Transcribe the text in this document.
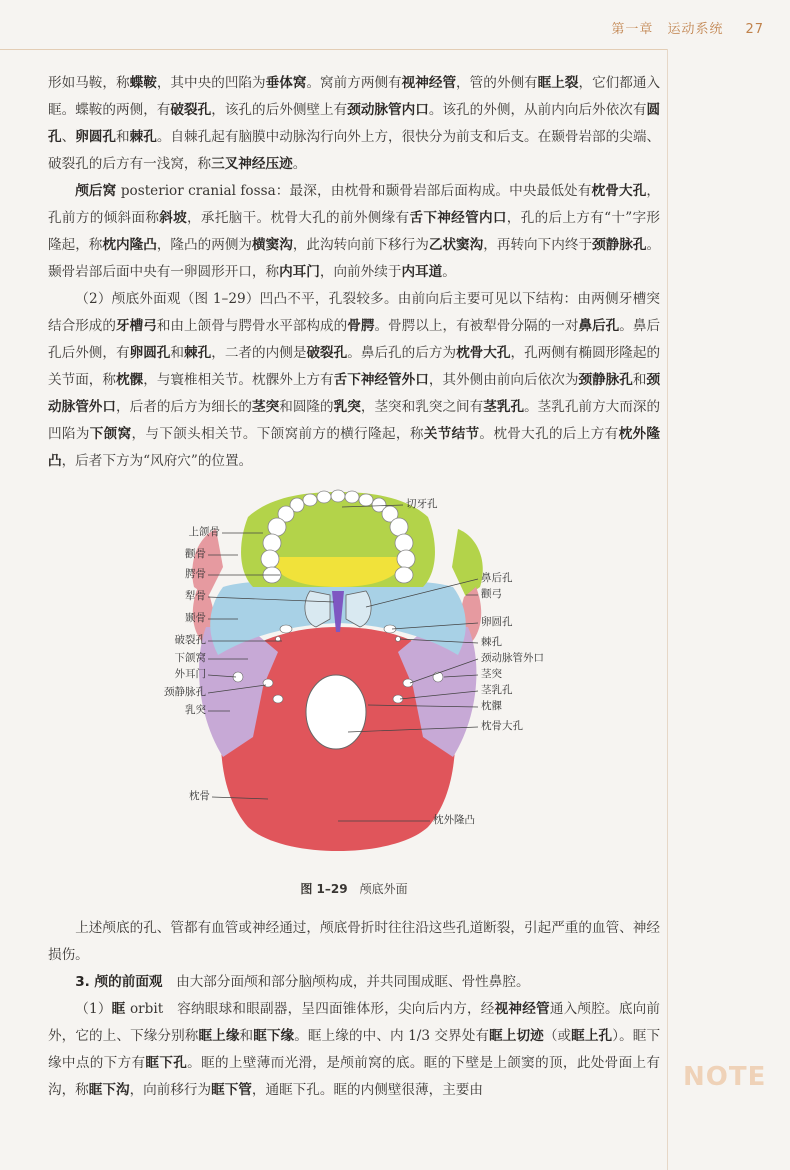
第一章 运动系统 27

形如马鞍，称蝶鞍，其中央的凹陷为垂体窝。窝前方两侧有视神经管，管的外侧有眶上裂，它们都通入眶。蝶鞍的两侧，有破裂孔，该孔的后外侧壁上有颈动脉管内口。该孔的外侧，从前内向后外依次有圆孔、卵圆孔和棘孔。自棘孔起有脑膜中动脉沟行向外上方，很快分为前支和后支。在颞骨岩部的尖端、破裂孔的后方有一浅窝，称三叉神经压迹。

颅后窝 posterior cranial fossa：最深，由枕骨和颞骨岩部后面构成。中央最低处有枕骨大孔，孔前方的倾斜面称斜坡，承托脑干。枕骨大孔的前外侧缘有舌下神经管内口，孔的后上方有“十”字形隆起，称枕内隆凸，隆凸的两侧为横窦沟，此沟转向前下移行为乙状窦沟，再转向下内终于颈静脉孔。颞骨岩部后面中央有一卵圆形开口，称内耳门，向前外续于内耳道。

（2）颅底外面观（图 1–29）凹凸不平，孔裂较多。由前向后主要可见以下结构：由两侧牙槽突结合形成的牙槽弓和由上颌骨与腭骨水平部构成的骨腭。骨腭以上，有被犁骨分隔的一对鼻后孔。鼻后孔后外侧，有卵圆孔和棘孔，二者的内侧是破裂孔。鼻后孔的后方为枕骨大孔，孔两侧有椭圆形隆起的关节面，称枕髁，与寰椎相关节。枕髁外上方有舌下神经管外口，其外侧由前向后依次为颈静脉孔和颈动脉管外口，后者的后方为细长的茎突和圆隆的乳突，茎突和乳突之间有茎乳孔。茎乳孔前方大而深的凹陷为下颌窝，与下颌头相关节。下颌窝前方的横行隆起，称关节结节。枕骨大孔的后上方有枕外隆凸，后者下方为“风府穴”的位置。

上颌骨
颧骨
腭骨
犁骨
颞骨
破裂孔
下颌窝
外耳门
颈静脉孔
乳突
枕骨
切牙孔
鼻后孔
颧弓
卵圆孔
棘孔
颈动脉管外口
茎突
茎乳孔
枕髁
枕骨大孔
枕外隆凸
图 1–29 颅底外面

上述颅底的孔、管都有血管或神经通过，颅底骨折时往往沿这些孔道断裂，引起严重的血管、神经损伤。

3. 颅的前面观　由大部分面颅和部分脑颅构成，并共同围成眶、骨性鼻腔。

（1）眶 orbit　容纳眼球和眼副器，呈四面锥体形，尖向后内方，经视神经管通入颅腔。底向前外，它的上、下缘分别称眶上缘和眶下缘。眶上缘的中、内 1/3 交界处有眶上切迹（或眶上孔）。眶下缘中点的下方有眶下孔。眶的上壁薄而光滑，是颅前窝的底。眶的下壁是上颌窦的顶，此处骨面上有沟，称眶下沟，向前移行为眶下管，通眶下孔。眶的内侧壁很薄，主要由	NOTE
